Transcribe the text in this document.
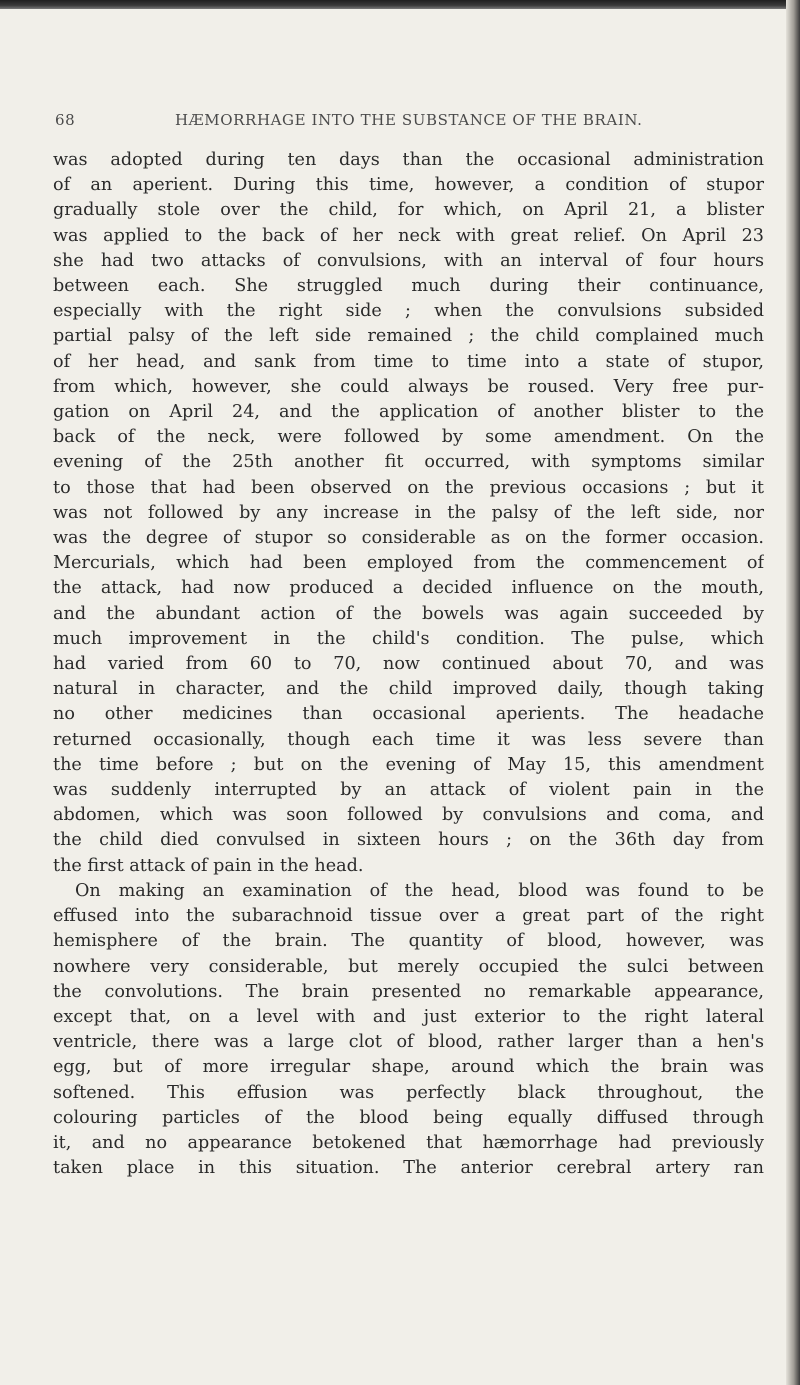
68	HÆMORRHAGE INTO THE SUBSTANCE OF THE BRAIN.
was adopted during ten days than the occasional administration
of an aperient. During this time, however, a condition of stupor
gradually stole over the child, for which, on April 21, a blister
was applied to the back of her neck with great relief. On April 23
she had two attacks of convulsions, with an interval of four hours
between each. She struggled much during their continuance,
especially with the right side ; when the convulsions subsided
partial palsy of the left side remained ; the child complained much
of her head, and sank from time to time into a state of stupor,
from which, however, she could always be roused. Very free pur-
gation on April 24, and the application of another blister to the
back of the neck, were followed by some amendment. On the
evening of the 25th another fit occurred, with symptoms similar
to those that had been observed on the previous occasions ; but it
was not followed by any increase in the palsy of the left side, nor
was the degree of stupor so considerable as on the former occasion.
Mercurials, which had been employed from the commencement of
the attack, had now produced a decided influence on the mouth,
and the abundant action of the bowels was again succeeded by
much improvement in the child's condition. The pulse, which
had varied from 60 to 70, now continued about 70, and was
natural in character, and the child improved daily, though taking
no other medicines than occasional aperients. The headache
returned occasionally, though each time it was less severe than
the time before ; but on the evening of May 15, this amendment
was suddenly interrupted by an attack of violent pain in the
abdomen, which was soon followed by convulsions and coma, and
the child died convulsed in sixteen hours ; on the 36th day from
the first attack of pain in the head.
On making an examination of the head, blood was found to be
effused into the subarachnoid tissue over a great part of the right
hemisphere of the brain. The quantity of blood, however, was
nowhere very considerable, but merely occupied the sulci between
the convolutions. The brain presented no remarkable appearance,
except that, on a level with and just exterior to the right lateral
ventricle, there was a large clot of blood, rather larger than a hen's
egg, but of more irregular shape, around which the brain was
softened. This effusion was perfectly black throughout, the
colouring particles of the blood being equally diffused through
it, and no appearance betokened that hæmorrhage had previously
taken place in this situation. The anterior cerebral artery ran
